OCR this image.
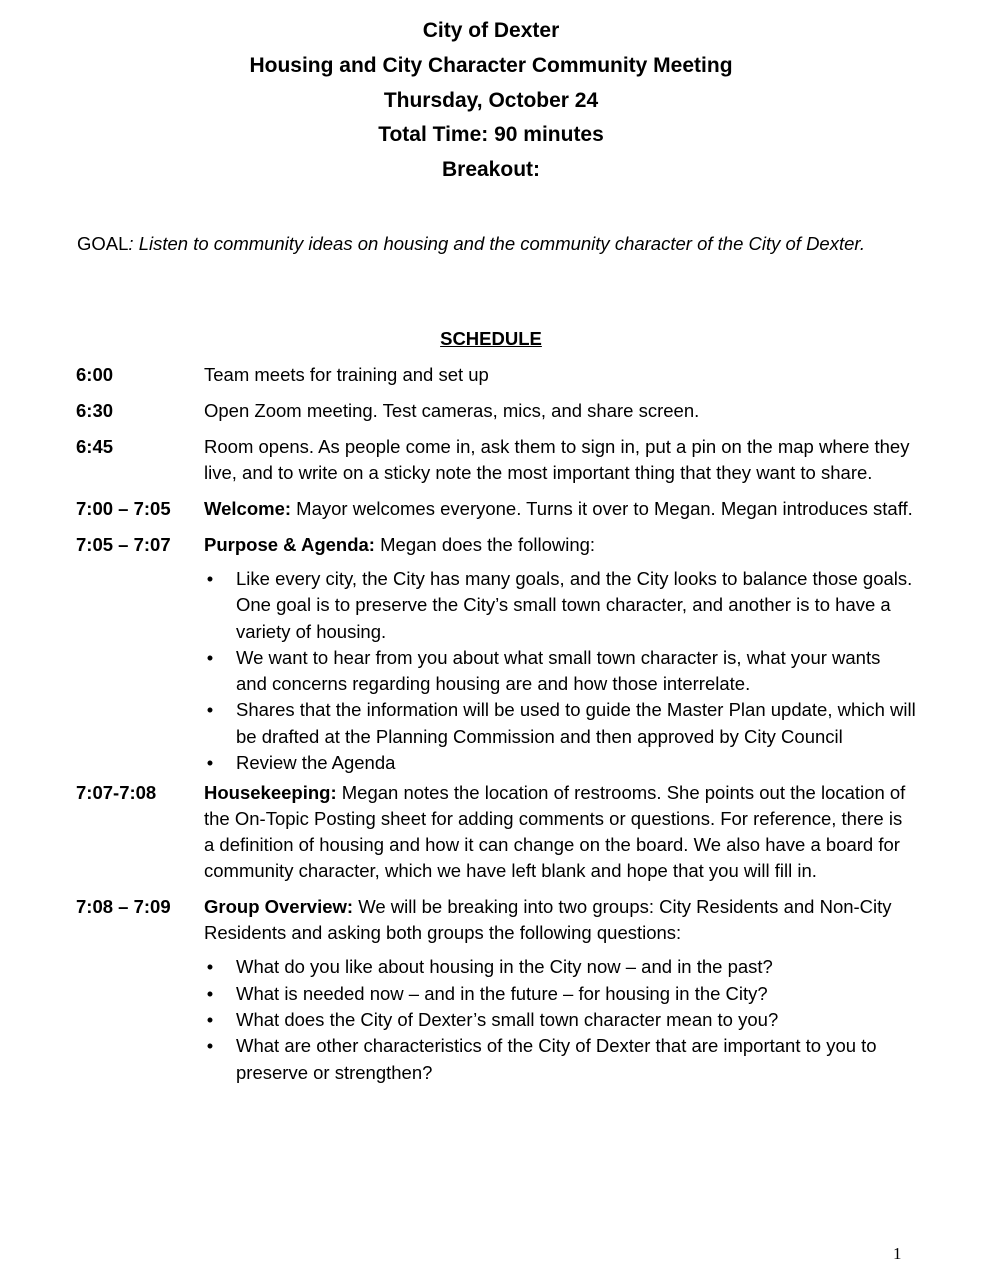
City of Dexter
Housing and City Character Community Meeting
Thursday, October 24
Total Time: 90 minutes
Breakout:
GOAL: Listen to community ideas on housing and the community character of the City of Dexter.
SCHEDULE
6:00	Team meets for training and set up
6:30	Open Zoom meeting. Test cameras, mics, and share screen.
6:45	Room opens. As people come in, ask them to sign in, put a pin on the map where they live, and to write on a sticky note the most important thing that they want to share.
7:00 – 7:05	Welcome: Mayor welcomes everyone. Turns it over to Megan. Megan introduces staff.
7:05 – 7:07	Purpose & Agenda: Megan does the following:
• Like every city, the City has many goals, and the City looks to balance those goals. One goal is to preserve the City’s small town character, and another is to have a variety of housing.
• We want to hear from you about what small town character is, what your wants and concerns regarding housing are and how those interrelate.
• Shares that the information will be used to guide the Master Plan update, which will be drafted at the Planning Commission and then approved by City Council
• Review the Agenda
7:07-7:08	Housekeeping: Megan notes the location of restrooms. She points out the location of the On-Topic Posting sheet for adding comments or questions. For reference, there is a definition of housing and how it can change on the board. We also have a board for community character, which we have left blank and hope that you will fill in.
7:08 – 7:09	Group Overview: We will be breaking into two groups: City Residents and Non-City Residents and asking both groups the following questions:
• What do you like about housing in the City now – and in the past?
• What is needed now – and in the future – for housing in the City?
• What does the City of Dexter’s small town character mean to you?
• What are other characteristics of the City of Dexter that are important to you to preserve or strengthen?
1
